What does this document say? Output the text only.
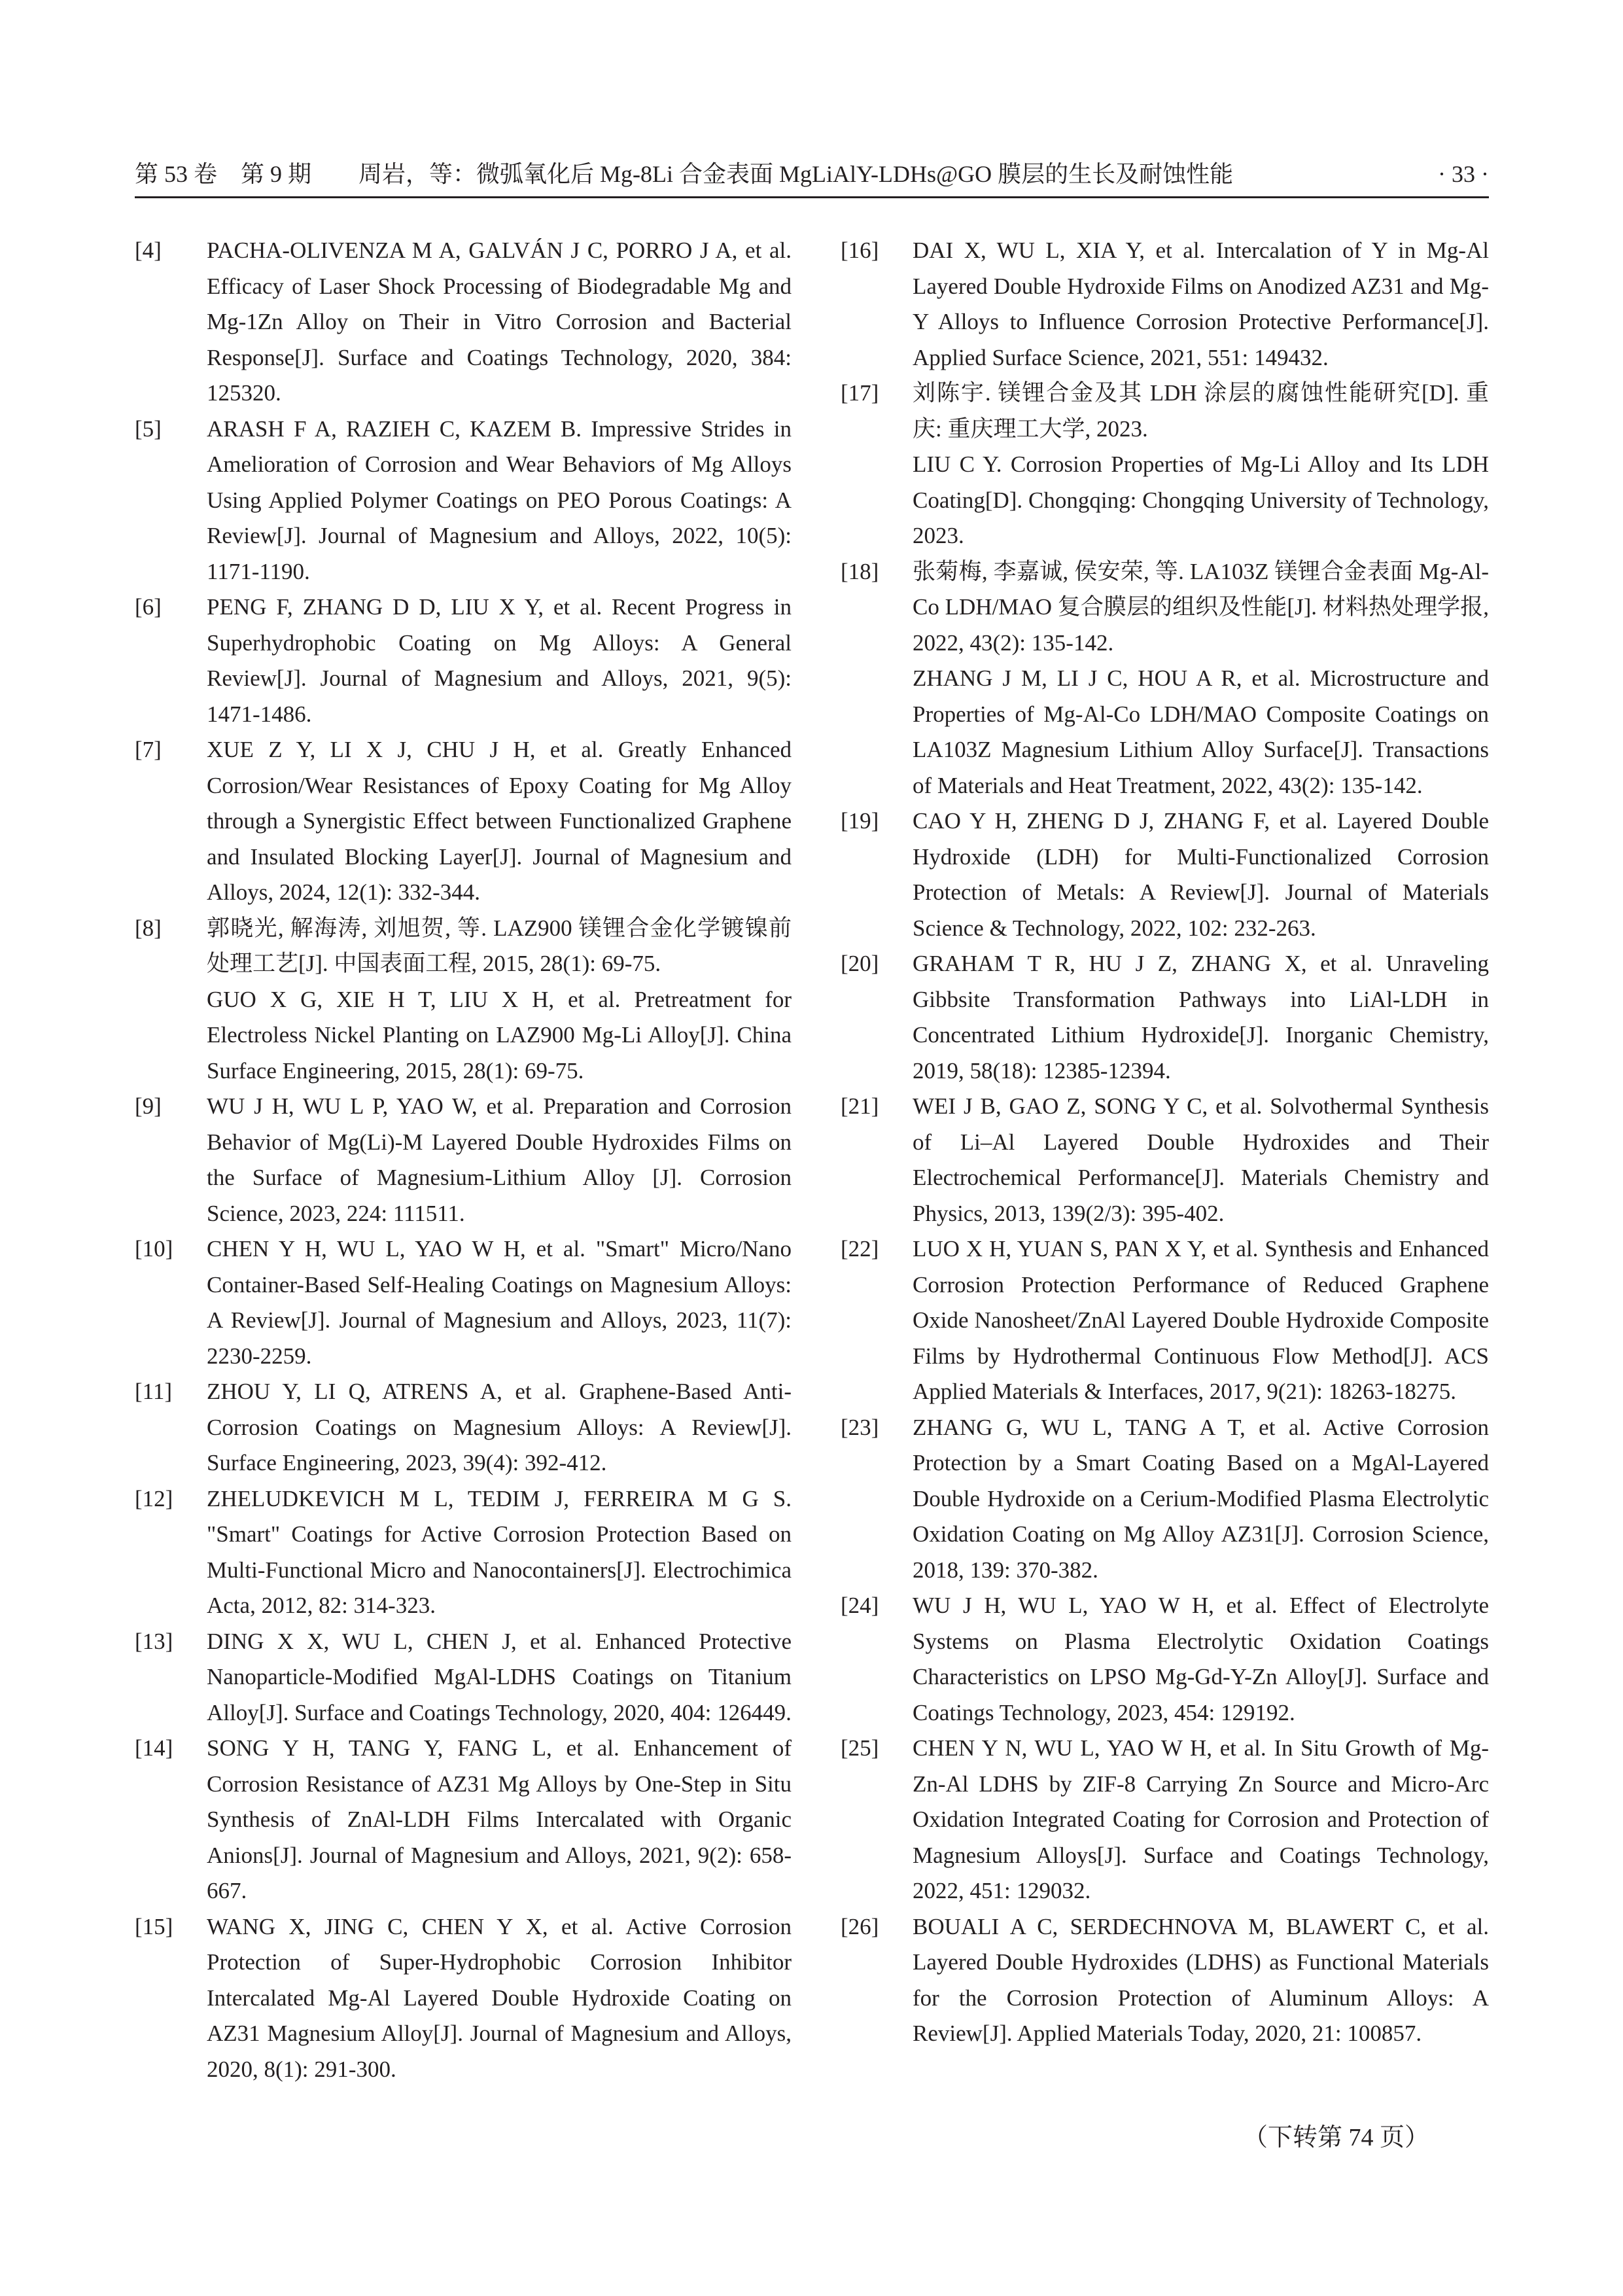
第 53 卷　第 9 期　　周岩，等：微弧氧化后 Mg-8Li 合金表面 MgLiAlY-LDHs@GO 膜层的生长及耐蚀性能	· 33 ·
[4]	PACHA-OLIVENZA M A, GALVÁN J C, PORRO J A, et al. Efficacy of Laser Shock Processing of Biodegradable Mg and Mg-1Zn Alloy on Their in Vitro Corrosion and Bacterial Response[J]. Surface and Coatings Technology, 2020, 384: 125320.

[5]	ARASH F A, RAZIEH C, KAZEM B. Impressive Strides in Amelioration of Corrosion and Wear Behaviors of Mg Alloys Using Applied Polymer Coatings on PEO Porous Coatings: A Review[J]. Journal of Magnesium and Alloys, 2022, 10(5): 1171-1190.

[6]	PENG F, ZHANG D D, LIU X Y, et al. Recent Progress in Superhydrophobic Coating on Mg Alloys: A General Review[J]. Journal of Magnesium and Alloys, 2021, 9(5): 1471-1486.

[7]	XUE Z Y, LI X J, CHU J H, et al. Greatly Enhanced Corrosion/Wear Resistances of Epoxy Coating for Mg Alloy through a Synergistic Effect between Functionalized Graphene and Insulated Blocking Layer[J]. Journal of Magnesium and Alloys, 2024, 12(1): 332-344.

[8]	郭晓光, 解海涛, 刘旭贺, 等. LAZ900 镁锂合金化学镀镍前处理工艺[J]. 中国表面工程, 2015, 28(1): 69-75.

GUO X G, XIE H T, LIU X H, et al. Pretreatment for Electroless Nickel Planting on LAZ900 Mg-Li Alloy[J]. China Surface Engineering, 2015, 28(1): 69-75.

[9]	WU J H, WU L P, YAO W, et al. Preparation and Corrosion Behavior of Mg(Li)-M Layered Double Hydroxides Films on the Surface of Magnesium-Lithium Alloy [J]. Corrosion Science, 2023, 224: 111511.

[10]	CHEN Y H, WU L, YAO W H, et al. "Smart" Micro/Nano Container-Based Self-Healing Coatings on Magnesium Alloys: A Review[J]. Journal of Magnesium and Alloys, 2023, 11(7): 2230-2259.

[11]	ZHOU Y, LI Q, ATRENS A, et al. Graphene-Based Anti-Corrosion Coatings on Magnesium Alloys: A Review[J]. Surface Engineering, 2023, 39(4): 392-412.

[12]	ZHELUDKEVICH M L, TEDIM J, FERREIRA M G S. "Smart" Coatings for Active Corrosion Protection Based on Multi-Functional Micro and Nanocontainers[J]. Electrochimica Acta, 2012, 82: 314-323.

[13]	DING X X, WU L, CHEN J, et al. Enhanced Protective Nanoparticle-Modified MgAl-LDHS Coatings on Titanium Alloy[J]. Surface and Coatings Technology, 2020, 404: 126449.

[14]	SONG Y H, TANG Y, FANG L, et al. Enhancement of Corrosion Resistance of AZ31 Mg Alloys by One-Step in Situ Synthesis of ZnAl-LDH Films Intercalated with Organic Anions[J]. Journal of Magnesium and Alloys, 2021, 9(2): 658-667.

[15]	WANG X, JING C, CHEN Y X, et al. Active Corrosion Protection of Super-Hydrophobic Corrosion Inhibitor Intercalated Mg-Al Layered Double Hydroxide Coating on AZ31 Magnesium Alloy[J]. Journal of Magnesium and Alloys, 2020, 8(1): 291-300.

[16]	DAI X, WU L, XIA Y, et al. Intercalation of Y in Mg-Al Layered Double Hydroxide Films on Anodized AZ31 and Mg-Y Alloys to Influence Corrosion Protective Performance[J]. Applied Surface Science, 2021, 551: 149432.

[17]	刘陈宇. 镁锂合金及其 LDH 涂层的腐蚀性能研究[D]. 重庆: 重庆理工大学, 2023.

LIU C Y. Corrosion Properties of Mg-Li Alloy and Its LDH Coating[D]. Chongqing: Chongqing University of Technology, 2023.

[18]	张菊梅, 李嘉诚, 侯安荣, 等. LA103Z 镁锂合金表面 Mg-Al-Co LDH/MAO 复合膜层的组织及性能[J]. 材料热处理学报, 2022, 43(2): 135-142.

ZHANG J M, LI J C, HOU A R, et al. Microstructure and Properties of Mg-Al-Co LDH/MAO Composite Coatings on LA103Z Magnesium Lithium Alloy Surface[J]. Transactions of Materials and Heat Treatment, 2022, 43(2): 135-142.

[19]	CAO Y H, ZHENG D J, ZHANG F, et al. Layered Double Hydroxide (LDH) for Multi-Functionalized Corrosion Protection of Metals: A Review[J]. Journal of Materials Science & Technology, 2022, 102: 232-263.

[20]	GRAHAM T R, HU J Z, ZHANG X, et al. Unraveling Gibbsite Transformation Pathways into LiAl-LDH in Concentrated Lithium Hydroxide[J]. Inorganic Chemistry, 2019, 58(18): 12385-12394.

[21]	WEI J B, GAO Z, SONG Y C, et al. Solvothermal Synthesis of Li–Al Layered Double Hydroxides and Their Electrochemical Performance[J]. Materials Chemistry and Physics, 2013, 139(2/3): 395-402.

[22]	LUO X H, YUAN S, PAN X Y, et al. Synthesis and Enhanced Corrosion Protection Performance of Reduced Graphene Oxide Nanosheet/ZnAl Layered Double Hydroxide Composite Films by Hydrothermal Continuous Flow Method[J]. ACS Applied Materials & Interfaces, 2017, 9(21): 18263-18275.

[23]	ZHANG G, WU L, TANG A T, et al. Active Corrosion Protection by a Smart Coating Based on a MgAl-Layered Double Hydroxide on a Cerium-Modified Plasma Electrolytic Oxidation Coating on Mg Alloy AZ31[J]. Corrosion Science, 2018, 139: 370-382.

[24]	WU J H, WU L, YAO W H, et al. Effect of Electrolyte Systems on Plasma Electrolytic Oxidation Coatings Characteristics on LPSO Mg-Gd-Y-Zn Alloy[J]. Surface and Coatings Technology, 2023, 454: 129192.

[25]	CHEN Y N, WU L, YAO W H, et al. In Situ Growth of Mg-Zn-Al LDHS by ZIF-8 Carrying Zn Source and Micro-Arc Oxidation Integrated Coating for Corrosion and Protection of Magnesium Alloys[J]. Surface and Coatings Technology, 2022, 451: 129032.

[26]	BOUALI A C, SERDECHNOVA M, BLAWERT C, et al. Layered Double Hydroxides (LDHS) as Functional Materials for the Corrosion Protection of Aluminum Alloys: A Review[J]. Applied Materials Today, 2020, 21: 100857.

（下转第 74 页）
